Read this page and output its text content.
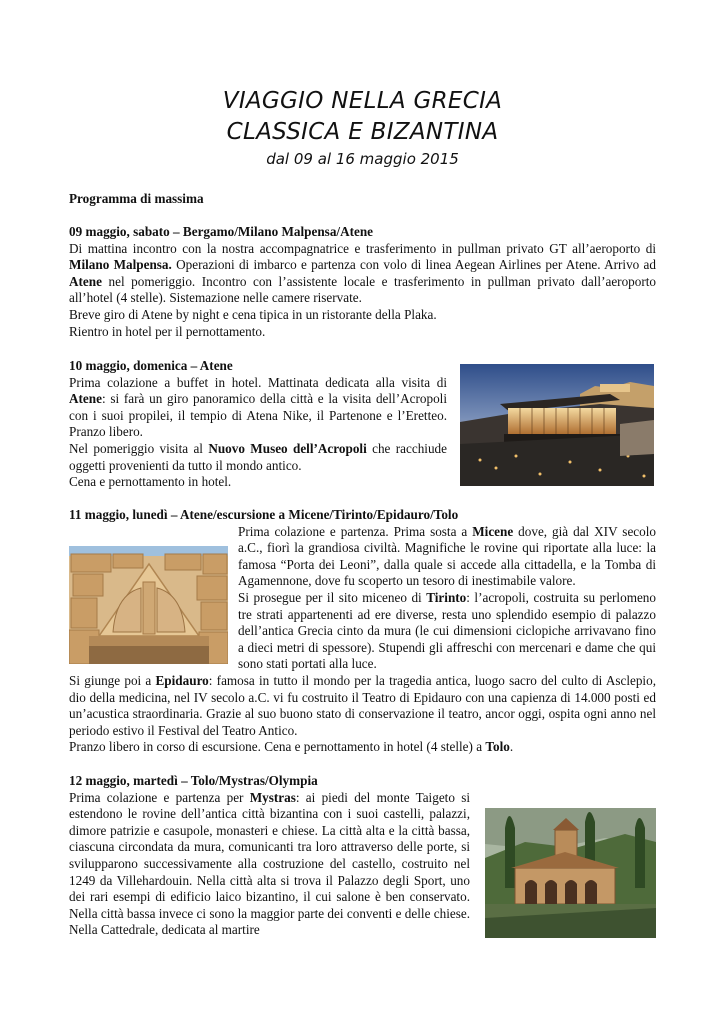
VIAGGIO NELLA GRECIA
CLASSICA E BIZANTINA
dal 09 al 16 maggio 2015
Programma di massima

09 maggio, sabato – Bergamo/Milano Malpensa/Atene

Di mattina incontro con la nostra accompagnatrice e trasferimento in pullman privato GT all’aeroporto di Milano Malpensa. Operazioni di imbarco e partenza con volo di linea Aegean Airlines per Atene. Arrivo ad Atene nel pomeriggio. Incontro con l’assistente locale e trasferimento in pullman privato dall’aeroporto all’hotel (4 stelle). Sistemazione nelle camere riservate.

Breve giro di Atene by night e cena tipica in un ristorante della Plaka.

Rientro in hotel per il pernottamento.

10 maggio, domenica – Atene

Prima colazione a buffet in hotel. Mattinata dedicata alla visita di Atene: si farà un giro panoramico della città e la visita dell’Acropoli con i suoi propilei, il tempio di Atena Nike, il Partenone e l’Eretteo. Pranzo libero.

Nel pomeriggio visita al Nuovo Museo dell’Acropoli che racchiude oggetti provenienti da tutto il mondo antico.

Cena e pernottamento in hotel.

11 maggio, lunedì – Atene/escursione a Micene/Tirinto/Epidauro/Tolo

Prima colazione e partenza. Prima sosta a Micene dove, già dal XIV secolo a.C., fiorì la grandiosa civiltà. Magnifiche le rovine qui riportate alla luce: la famosa “Porta dei Leoni”, dalla quale si accede alla cittadella, e la Tomba di Agamennone, dove fu scoperto un tesoro di inestimabile valore.

Si prosegue per il sito miceneo di Tirinto: l’acropoli, costruita su perlomeno tre strati appartenenti ad ere diverse, resta uno splendido esempio di palazzo dell’antica Grecia cinto da mura (le cui dimensioni ciclopiche arrivavano fino a dieci metri di spessore). Stupendi gli affreschi con mercenari e dame che qui sono stati portati alla luce.

Si giunge poi a Epidauro: famosa in tutto il mondo per la tragedia antica, luogo sacro del culto di Asclepio, dio della medicina, nel IV secolo a.C. vi fu costruito il Teatro di Epidauro con una capienza di 14.000 posti ed un’acustica straordinaria. Grazie al suo buono stato di conservazione il teatro, ancor oggi, ospita ogni anno nel periodo estivo il Festival del Teatro Antico.

Pranzo libero in corso di escursione. Cena e pernottamento in hotel (4 stelle) a Tolo.

12 maggio, martedì – Tolo/Mystras/Olympia

Prima colazione e partenza per Mystras: ai piedi del monte Taigeto si estendono le rovine dell’antica città bizantina con i suoi castelli, palazzi, dimore patrizie e casupole, monasteri e chiese. La città alta e la città bassa, ciascuna circondata da mura, comunicanti tra loro attraverso delle porte, si svilupparono successivamente alla costruzione del castello, costruito nel 1249 da Villehardouin. Nella città alta si trova il Palazzo degli Sport, uno dei rari esempi di edificio laico bizantino, il cui salone è ben conservato. Nella città bassa invece ci sono la maggior parte dei conventi e delle chiese. Nella Cattedrale, dedicata al martire
